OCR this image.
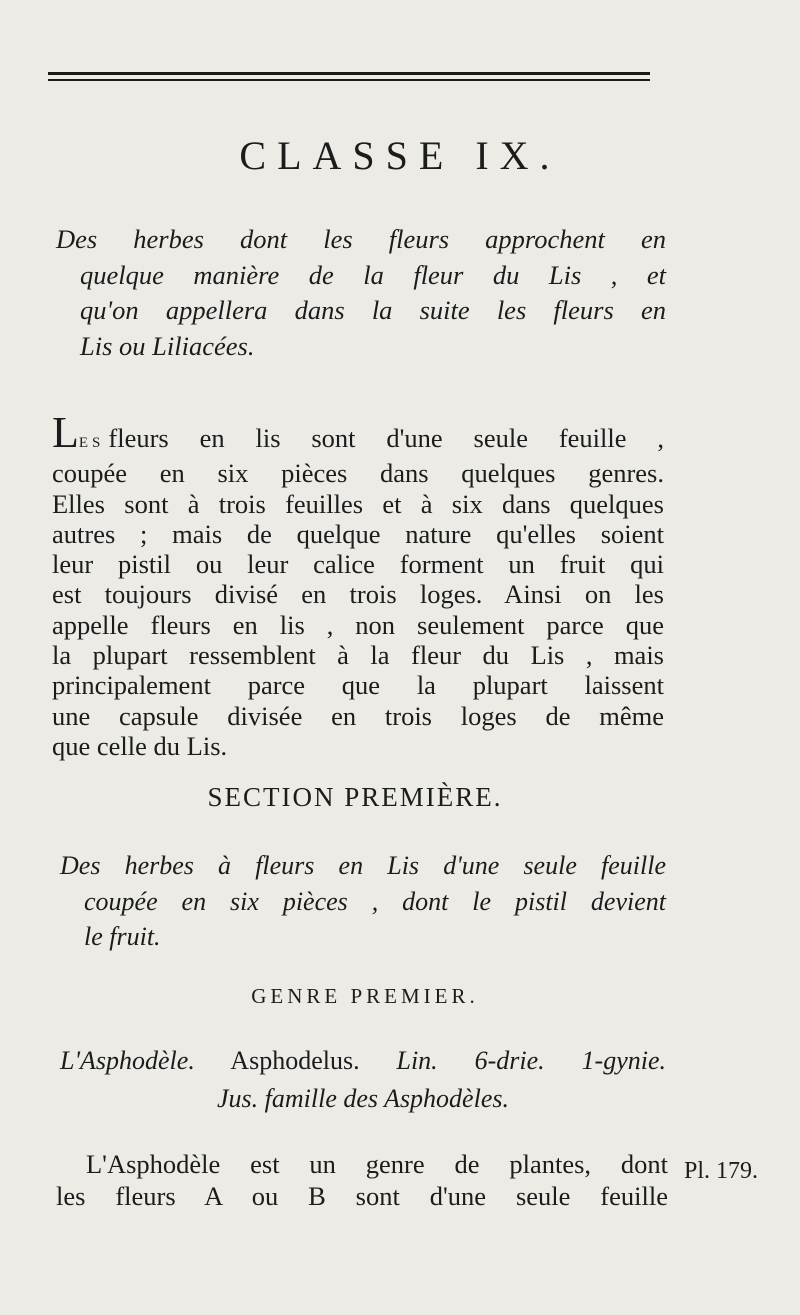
CLASSE IX.
Des herbes dont les fleurs approchent en
quelque manière de la fleur du Lis , et
qu'on appellera dans la suite les fleurs en
Lis ou Liliacées.
LES fleurs en lis sont d'une seule feuille ,
coupée en six pièces dans quelques genres.
Elles sont à trois feuilles et à six dans quelques
autres ; mais de quelque nature qu'elles soient
leur pistil ou leur calice forment un fruit qui
est toujours divisé en trois loges. Ainsi on les
appelle fleurs en lis , non seulement parce que
la plupart ressemblent à la fleur du Lis , mais
principalement parce que la plupart laissent
une capsule divisée en trois loges de même
que celle du Lis.
SECTION PREMIÈRE.
Des herbes à fleurs en Lis d'une seule feuille
coupée en six pièces , dont le pistil devient
le fruit.
GENRE PREMIER.
L'Asphodèle. Asphodelus. Lin. 6-drie. 1-gynie.
Jus. famille des Asphodèles.
L'Asphodèle est un genre de plantes, dont
les fleurs A ou B sont d'une seule feuille
Pl. 179.
